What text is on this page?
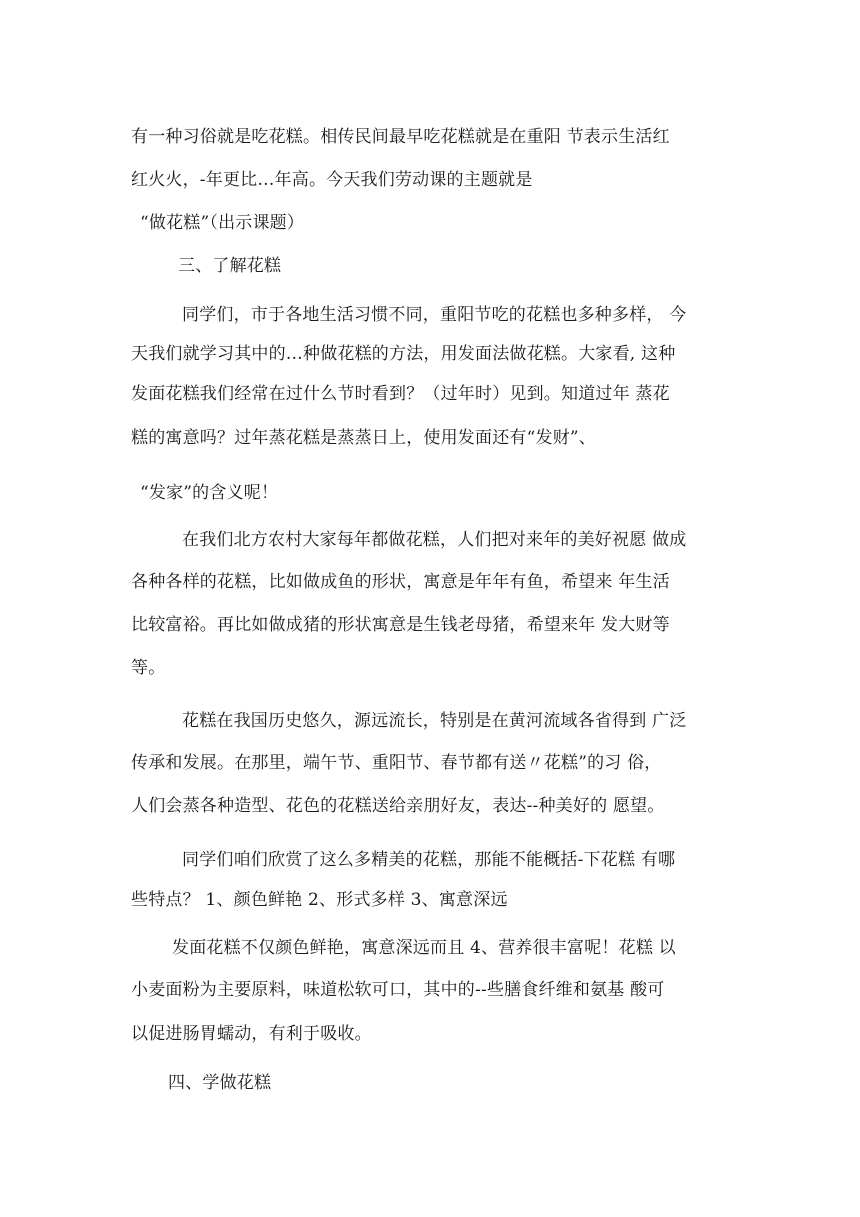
有一种习俗就是吃花糕。相传民间最早吃花糕就是在重阳 节表示生活红
红火火，-年更比…年高。今天我们劳动课的主题就是
“做花糕”（出示课题）
三、了解花糕
同学们，市于各地生活习惯不同，重阳节吃的花糕也多种多样， 今
天我们就学习其中的…种做花糕的方法，用发面法做花糕。大家看, 这种
发面花糕我们经常在过什么节时看到？（过年时）见到。知道过年 蒸花
糕的寓意吗？过年蒸花糕是蒸蒸日上，使用发面还有“发财”、
“发家”的含义呢！
在我们北方农村大家每年都做花糕，人们把对来年的美好祝愿 做成
各种各样的花糕，比如做成鱼的形状，寓意是年年有鱼，希望来 年生活
比较富裕。再比如做成猪的形状寓意是生钱老母猪，希望来年 发大财等
等。
花糕在我国历史悠久，源远流长，特别是在黄河流域各省得到 广泛
传承和发展。在那里，端午节、重阳节、春节都有送〃花糕”的习 俗，
人们会蒸各种造型、花色的花糕送给亲朋好友，表达--种美好的 愿望。
同学们咱们欣赏了这么多精美的花糕，那能不能概括-下花糕 有哪
些特点？ 1、颜色鲜艳 2、形式多样 3、寓意深远
发面花糕不仅颜色鲜艳，寓意深远而且 4、营养很丰富呢！花糕 以
小麦面粉为主要原料，味道松软可口，其中的--些膳食纤维和氨基 酸可
以促进肠胃蠕动，有利于吸收。
四、学做花糕
